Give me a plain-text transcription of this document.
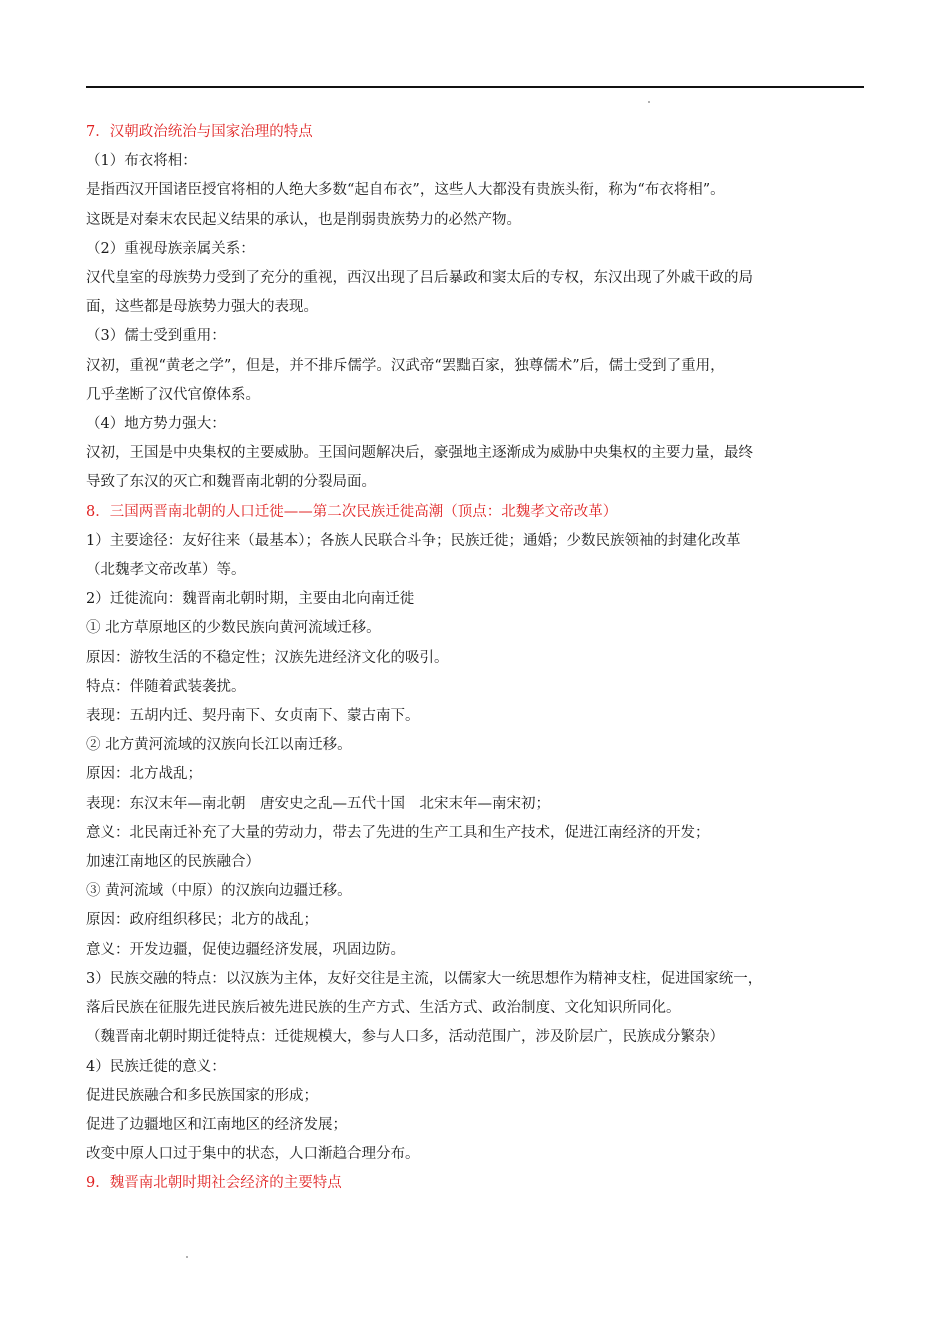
7．汉朝政治统治与国家治理的特点
（1）布衣将相：
是指西汉开国诸臣授官将相的人绝大多数“起自布衣”，这些人大都没有贵族头衔，称为“布衣将相”。
这既是对秦末农民起义结果的承认，也是削弱贵族势力的必然产物。
（2）重视母族亲属关系：
汉代皇室的母族势力受到了充分的重视，西汉出现了吕后暴政和窦太后的专权，东汉出现了外戚干政的局
面，这些都是母族势力强大的表现。
（3）儒士受到重用：
汉初，重视“黄老之学”，但是，并不排斥儒学。汉武帝“罢黜百家，独尊儒术”后，儒士受到了重用，
几乎垄断了汉代官僚体系。
（4）地方势力强大：
汉初，王国是中央集权的主要威胁。王国问题解决后，豪强地主逐渐成为威胁中央集权的主要力量，最终
导致了东汉的灭亡和魏晋南北朝的分裂局面。
8．三国两晋南北朝的人口迁徙——第二次民族迁徙高潮（顶点：北魏孝文帝改革）
1）主要途径：友好往来（最基本）；各族人民联合斗争；民族迁徙；通婚；少数民族领袖的封建化改革
（北魏孝文帝改革）等。
2）迁徙流向：魏晋南北朝时期，主要由北向南迁徙
① 北方草原地区的少数民族向黄河流域迁移。
原因：游牧生活的不稳定性；汉族先进经济文化的吸引。
特点：伴随着武装袭扰。
表现：五胡内迁、契丹南下、女贞南下、蒙古南下。
② 北方黄河流域的汉族向长江以南迁移。
原因：北方战乱；
表现：东汉末年—南北朝　唐安史之乱—五代十国　北宋末年—南宋初；
意义：北民南迁补充了大量的劳动力，带去了先进的生产工具和生产技术，促进江南经济的开发；
加速江南地区的民族融合）
③ 黄河流域（中原）的汉族向边疆迁移。
原因：政府组织移民；北方的战乱；
意义：开发边疆，促使边疆经济发展，巩固边防。
3）民族交融的特点：以汉族为主体，友好交往是主流，以儒家大一统思想作为精神支柱，促进国家统一，
落后民族在征服先进民族后被先进民族的生产方式、生活方式、政治制度、文化知识所同化。
（魏晋南北朝时期迁徙特点：迁徙规模大，参与人口多，活动范围广，涉及阶层广，民族成分繁杂）
4）民族迁徙的意义：
促进民族融合和多民族国家的形成；
促进了边疆地区和江南地区的经济发展；
改变中原人口过于集中的状态，人口渐趋合理分布。
9．魏晋南北朝时期社会经济的主要特点
